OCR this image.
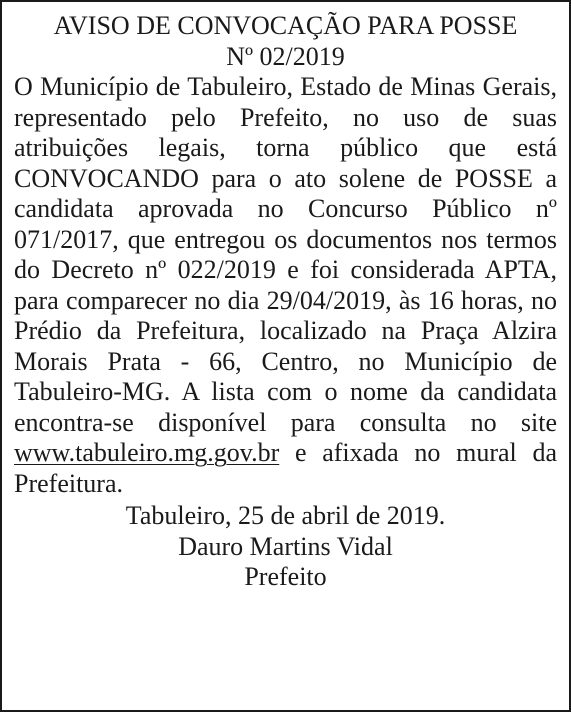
AVISO DE CONVOCAÇÃO PARA POSSE
Nº 02/2019
O Município de Tabuleiro, Estado de Minas Gerais, representado pelo Prefeito, no uso de suas atribuições legais, torna público que está CONVOCANDO para o ato solene de POSSE a candidata aprovada no Concurso Público nº 071/2017, que entregou os documentos nos termos do Decreto nº 022/2019 e foi considerada APTA, para comparecer no dia 29/04/2019, às 16 horas, no Prédio da Prefeitura, localizado na Praça Alzira Morais Prata - 66, Centro, no Município de Tabuleiro-MG. A lista com o nome da candidata encontra-se disponível para consulta no site www.tabuleiro.mg.gov.br e afixada no mural da Prefeitura.
Tabuleiro, 25 de abril de 2019.
Dauro Martins Vidal
Prefeito
